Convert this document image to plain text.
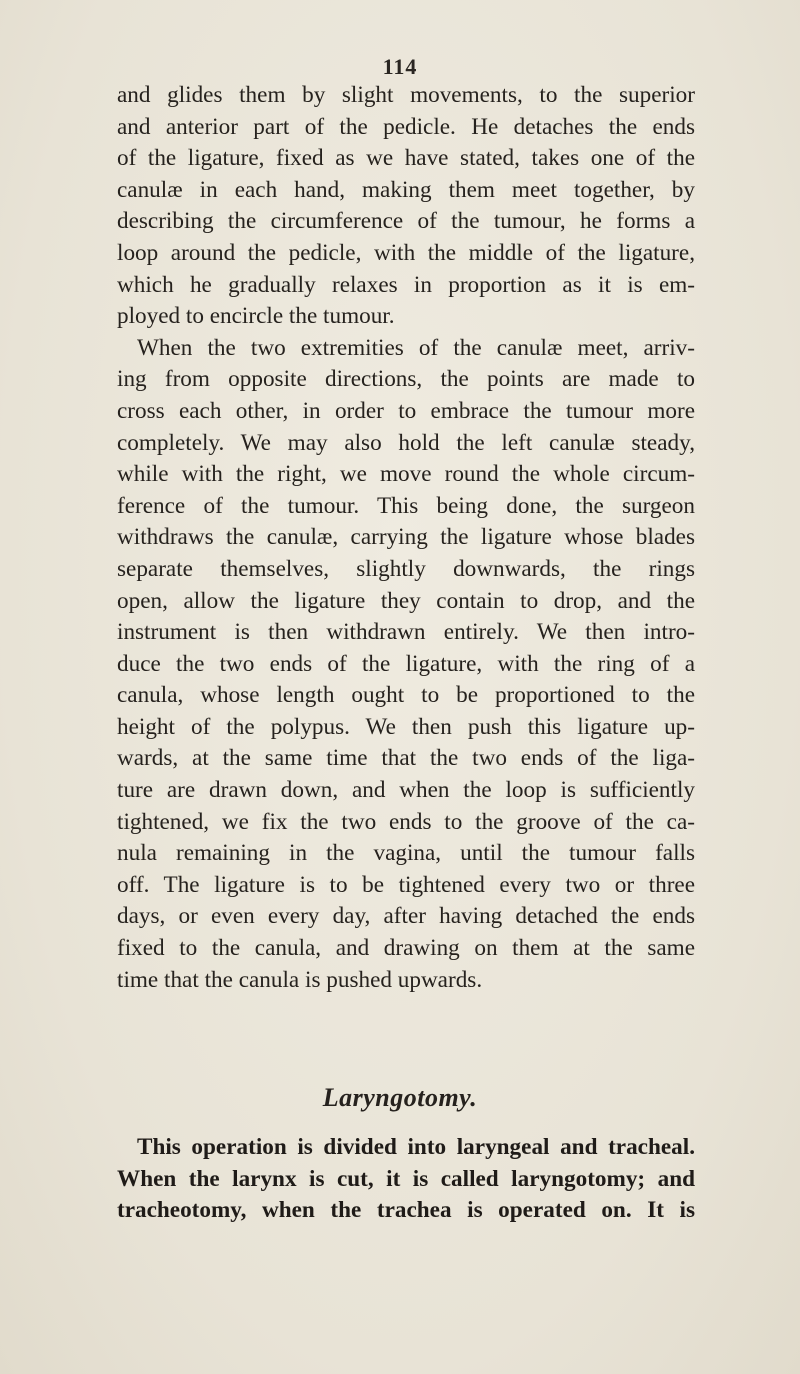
114
and glides them by slight movements, to the superior
and anterior part of the pedicle. He detaches the ends
of the ligature, fixed as we have stated, takes one of the
canulæ in each hand, making them meet together, by
describing the circumference of the tumour, he forms a
loop around the pedicle, with the middle of the ligature,
which he gradually relaxes in proportion as it is em-
ployed to encircle the tumour.
When the two extremities of the canulæ meet, arriv-
ing from opposite directions, the points are made to
cross each other, in order to embrace the tumour more
completely. We may also hold the left canulæ steady,
while with the right, we move round the whole circum-
ference of the tumour. This being done, the surgeon
withdraws the canulæ, carrying the ligature whose blades
separate themselves, slightly downwards, the rings
open, allow the ligature they contain to drop, and the
instrument is then withdrawn entirely. We then intro-
duce the two ends of the ligature, with the ring of a
canula, whose length ought to be proportioned to the
height of the polypus. We then push this ligature up-
wards, at the same time that the two ends of the liga-
ture are drawn down, and when the loop is sufficiently
tightened, we fix the two ends to the groove of the ca-
nula remaining in the vagina, until the tumour falls
off. The ligature is to be tightened every two or three
days, or even every day, after having detached the ends
fixed to the canula, and drawing on them at the same
time that the canula is pushed upwards.
Laryngotomy.
This operation is divided into laryngeal and tracheal.
When the larynx is cut, it is called laryngotomy; and
tracheotomy, when the trachea is operated on. It is
